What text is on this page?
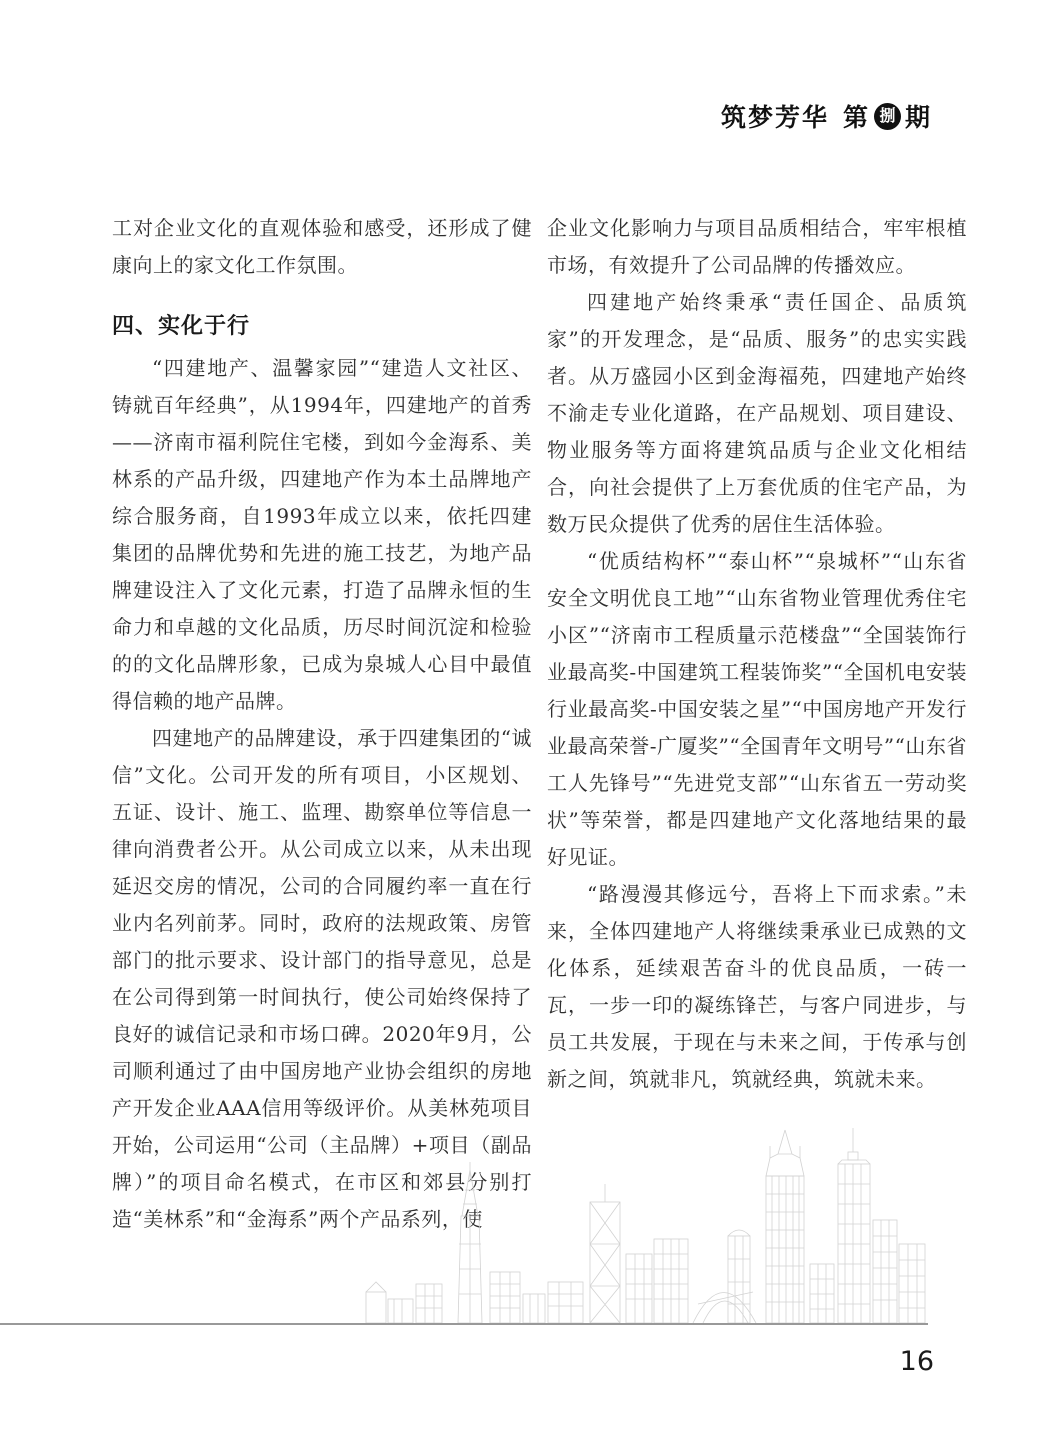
筑梦芳华 第 捌 期

工对企业文化的直观体验和感受，还形成了健康向上的家文化工作氛围。

四、实化于行

“四建地产、温馨家园”“建造人文社区、铸就百年经典”，从1994年，四建地产的首秀——济南市福利院住宅楼，到如今金海系、美林系的产品升级，四建地产作为本土品牌地产综合服务商，自1993年成立以来，依托四建集团的品牌优势和先进的施工技艺，为地产品牌建设注入了文化元素，打造了品牌永恒的生命力和卓越的文化品质，历尽时间沉淀和检验的的文化品牌形象，已成为泉城人心目中最值得信赖的地产品牌。

四建地产的品牌建设，承于四建集团的“诚信”文化。公司开发的所有项目，小区规划、五证、设计、施工、监理、勘察单位等信息一律向消费者公开。从公司成立以来，从未出现延迟交房的情况，公司的合同履约率一直在行业内名列前茅。同时，政府的法规政策、房管部门的批示要求、设计部门的指导意见，总是在公司得到第一时间执行，使公司始终保持了良好的诚信记录和市场口碑。2020年9月，公司顺利通过了由中国房地产业协会组织的房地产开发企业AAA信用等级评价。从美林苑项目开始，公司运用“公司（主品牌）+项目（副品牌）”的项目命名模式，在市区和郊县分别打造“美林系”和“金海系”两个产品系列，使

企业文化影响力与项目品质相结合，牢牢根植市场，有效提升了公司品牌的传播效应。

四建地产始终秉承“责任国企、品质筑家”的开发理念，是“品质、服务”的忠实实践者。从万盛园小区到金海福苑，四建地产始终不渝走专业化道路，在产品规划、项目建设、物业服务等方面将建筑品质与企业文化相结合，向社会提供了上万套优质的住宅产品，为数万民众提供了优秀的居住生活体验。

“优质结构杯”“泰山杯”“泉城杯”“山东省安全文明优良工地”“山东省物业管理优秀住宅小区”“济南市工程质量示范楼盘”“全国装饰行业最高奖-中国建筑工程装饰奖”“全国机电安装行业最高奖-中国安装之星”“中国房地产开发行业最高荣誉-广厦奖”“全国青年文明号”“山东省工人先锋号”“先进党支部”“山东省五一劳动奖状”等荣誉，都是四建地产文化落地结果的最好见证。

“路漫漫其修远兮，吾将上下而求索。”未来，全体四建地产人将继续秉承业已成熟的文化体系，延续艰苦奋斗的优良品质，一砖一瓦，一步一印的凝练锋芒，与客户同进步，与员工共发展，于现在与未来之间，于传承与创新之间，筑就非凡，筑就经典，筑就未来。

16
